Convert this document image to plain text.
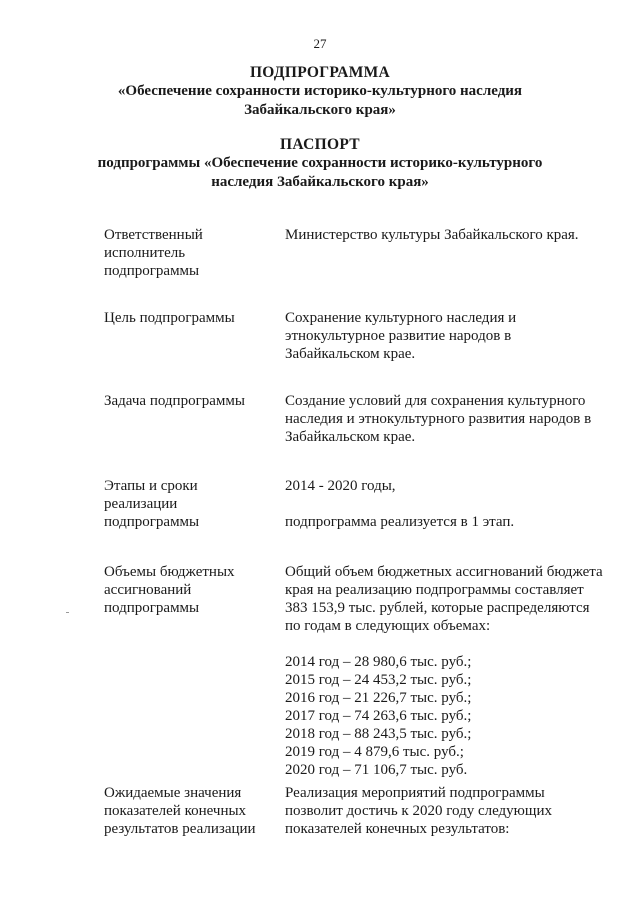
27
ПОДПРОГРАММА
«Обеспечение сохранности историко-культурного наследия
Забайкальского края»
ПАСПОРТ
подпрограммы «Обеспечение сохранности историко-культурного
наследия Забайкальского края»
Ответственный
исполнитель
подпрограммы
Министерство культуры Забайкальского края.
Цель подпрограммы	Сохранение культурного наследия и
этнокультурное развитие народов в
Забайкальском крае.
Задача подпрограммы	Создание условий для сохранения культурного
наследия и этнокультурного развития народов в
Забайкальском крае.
Этапы и сроки
реализации
подпрограммы
2014 - 2020 годы,
подпрограмма реализуется в 1 этап.
Объемы бюджетных
ассигнований
подпрограммы
Общий объем бюджетных ассигнований бюджета
края на реализацию подпрограммы составляет
383 153,9 тыс. рублей, которые распределяются
по годам в следующих объемах:
2014 год – 28 980,6 тыс. руб.;
2015 год – 24 453,2 тыс. руб.;
2016 год – 21 226,7 тыс. руб.;
2017 год – 74 263,6 тыс. руб.;
2018 год – 88 243,5 тыс. руб.;
2019 год – 4 879,6 тыс. руб.;
2020 год – 71 106,7 тыс. руб.
Ожидаемые значения
показателей конечных
результатов реализации
Реализация мероприятий подпрограммы
позволит достичь к 2020 году следующих
показателей конечных результатов:
